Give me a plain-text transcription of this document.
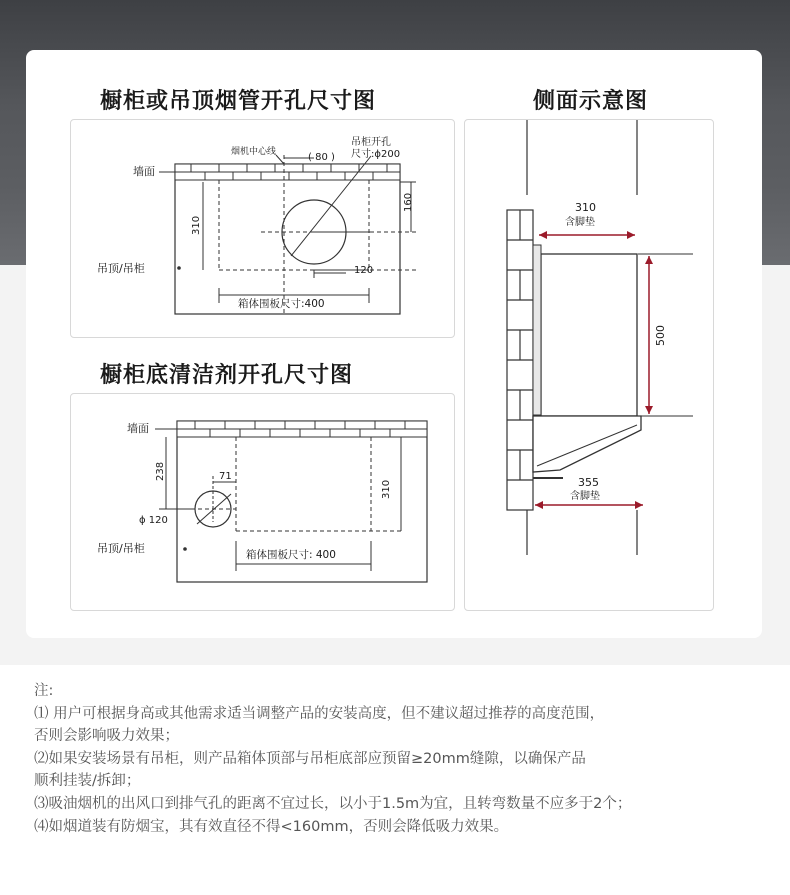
橱柜或吊顶烟管开孔尺寸图	侧面示意图
橱柜底清洁剂开孔尺寸图
墙面
吊顶/吊柜
烟机中心线	( 80 )
吊柜开孔
尺寸:ϕ200
160
310
120
箱体围板尺寸:400
墙面
吊顶/吊柜
238	71
ϕ 120
310
箱体围板尺寸: 400
310
含脚垫
500
355
含脚垫
注:
⑴ 用户可根据身高或其他需求适当调整产品的安装高度，但不建议超过推荐的高度范围，
否则会影响吸力效果；
⑵如果安装场景有吊柜，则产品箱体顶部与吊柜底部应预留≥20mm缝隙，以确保产品
顺利挂装/拆卸；
⑶吸油烟机的出风口到排气孔的距离不宜过长，以小于1.5m为宜，且转弯数量不应多于2个；
⑷如烟道装有防烟宝，其有效直径不得<160mm，否则会降低吸力效果。
